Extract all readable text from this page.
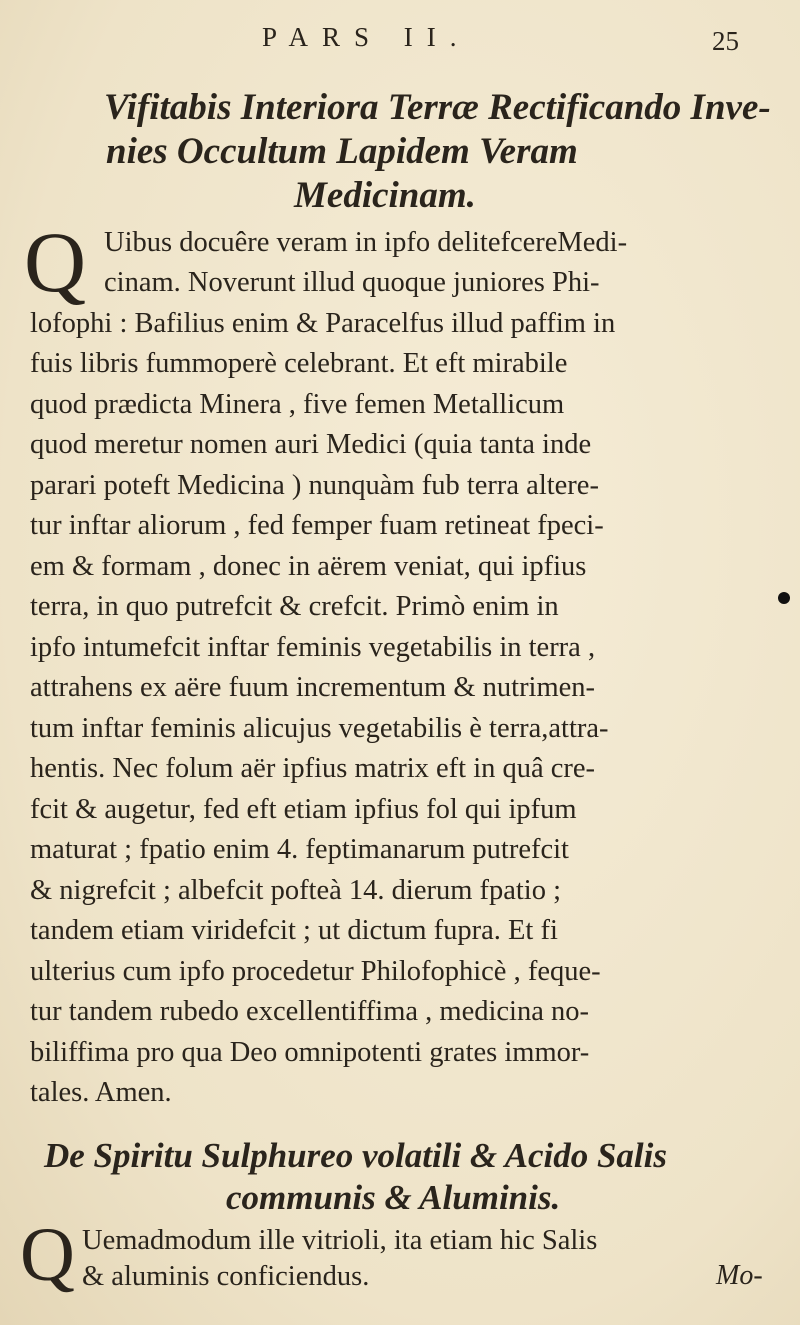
PARS II.	25
Vifitabis Interiora Terræ Rectificando Inve-
nies Occultum Lapidem Veram
Medicinam.
Q Uibus docuêre veram in ipfo delitefcereMedi-
cinam. Noverunt illud quoque juniores Phi-
lofophi : Bafilius enim & Paracelfus illud paffim in
fuis libris fummoperè celebrant. Et eft mirabile
quod prædicta Minera , five femen Metallicum
quod meretur nomen auri Medici (quia tanta inde
parari poteft Medicina ) nunquàm fub terra altere-
tur inftar aliorum , fed femper fuam retineat fpeci-
em & formam , donec in aërem veniat, qui ipfius
terra, in quo putrefcit & crefcit. Primò enim in
ipfo intumefcit inftar feminis vegetabilis in terra ,
attrahens ex aëre fuum incrementum & nutrimen-
tum inftar feminis alicujus vegetabilis è terra,attra-
hentis. Nec folum aër ipfius matrix eft in quâ cre-
fcit & augetur, fed eft etiam ipfius fol qui ipfum
maturat ; fpatio enim 4. feptimanarum putrefcit
& nigrefcit ; albefcit pofteà 14. dierum fpatio ;
tandem etiam viridefcit ; ut dictum fupra. Et fi
ulterius cum ipfo procedetur Philofophicè , feque-
tur tandem rubedo excellentiffima , medicina no-
biliffima pro qua Deo omnipotenti grates immor-
tales. Amen.
De Spiritu Sulphureo volatili & Acido Salis
communis & Aluminis.
Q Uemadmodum ille vitrioli, ita etiam hic Salis
& aluminis conficiendus.	Mo-
